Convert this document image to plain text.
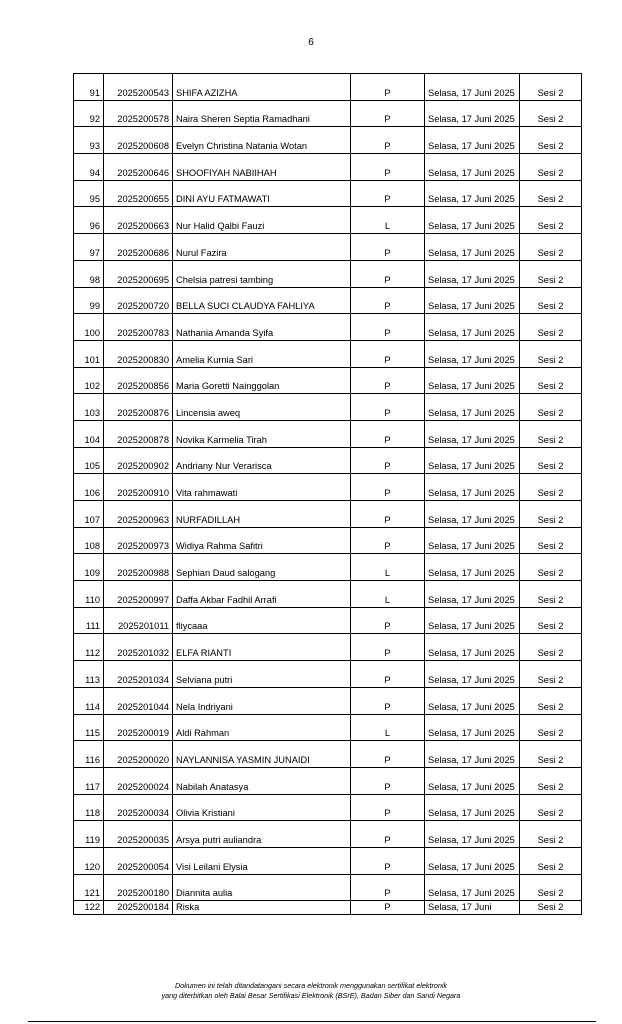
6
91	2025200543	SHIFA AZIZHA	P	Selasa, 17 Juni 2025	Sesi 2
92	2025200578	Naira Sheren Septia Ramadhani	P	Selasa, 17 Juni 2025	Sesi 2
93	2025200608	Evelyn Christina Natania Wotan	P	Selasa, 17 Juni 2025	Sesi 2
94	2025200646	SHOOFIYAH NABIIHAH	P	Selasa, 17 Juni 2025	Sesi 2
95	2025200655	DINI AYU FATMAWATI	P	Selasa, 17 Juni 2025	Sesi 2
96	2025200663	Nur Halid Qalbi Fauzi	L	Selasa, 17 Juni 2025	Sesi 2
97	2025200686	Nurul Fazira	P	Selasa, 17 Juni 2025	Sesi 2
98	2025200695	Chelsia patresi tambing	P	Selasa, 17 Juni 2025	Sesi 2
99	2025200720	BELLA SUCI CLAUDYA FAHLIYA	P	Selasa, 17 Juni 2025	Sesi 2
100	2025200783	Nathania Amanda Syifa	P	Selasa, 17 Juni 2025	Sesi 2
101	2025200830	Amelia Kurnia Sari	P	Selasa, 17 Juni 2025	Sesi 2
102	2025200856	Maria Goretti Nainggolan	P	Selasa, 17 Juni 2025	Sesi 2
103	2025200876	Lincensia aweq	P	Selasa, 17 Juni 2025	Sesi 2
104	2025200878	Novika Karmelia Tirah	P	Selasa, 17 Juni 2025	Sesi 2
105	2025200902	Andriany Nur Verarisca	P	Selasa, 17 Juni 2025	Sesi 2
106	2025200910	Vita rahmawati	P	Selasa, 17 Juni 2025	Sesi 2
107	2025200963	NURFADILLAH	P	Selasa, 17 Juni 2025	Sesi 2
108	2025200973	Widiya Rahma Safitri	P	Selasa, 17 Juni 2025	Sesi 2
109	2025200988	Sephian Daud salogang	L	Selasa, 17 Juni 2025	Sesi 2
110	2025200997	Daffa Akbar Fadhil Arrafi	L	Selasa, 17 Juni 2025	Sesi 2
111	2025201011	fliycaaa	P	Selasa, 17 Juni 2025	Sesi 2
112	2025201032	ELFA RIANTI	P	Selasa, 17 Juni 2025	Sesi 2
113	2025201034	Selviana putri	P	Selasa, 17 Juni 2025	Sesi 2
114	2025201044	Nela Indriyani	P	Selasa, 17 Juni 2025	Sesi 2
115	2025200019	Aldi Rahman	L	Selasa, 17 Juni 2025	Sesi 2
116	2025200020	NAYLANNISA YASMIN JUNAIDI	P	Selasa, 17 Juni 2025	Sesi 2
117	2025200024	Nabilah Anatasya	P	Selasa, 17 Juni 2025	Sesi 2
118	2025200034	Olivia Kristiani	P	Selasa, 17 Juni 2025	Sesi 2
119	2025200035	Arsya putri auliandra	P	Selasa, 17 Juni 2025	Sesi 2
120	2025200054	Visi Leilani Elysia	P	Selasa, 17 Juni 2025	Sesi 2
121	2025200180	Diannita aulia	P	Selasa, 17 Juni 2025	Sesi 2
122	2025200184	Riska	P	Selasa, 17 Juni	Sesi 2
Dokumen ini telah ditandatangani secara elektronik menggunakan sertifikat elektronik
yang diterbitkan oleh Balai Besar Sertifikasi Elektronik (BSrE), Badan Siber dan Sandi Negara
